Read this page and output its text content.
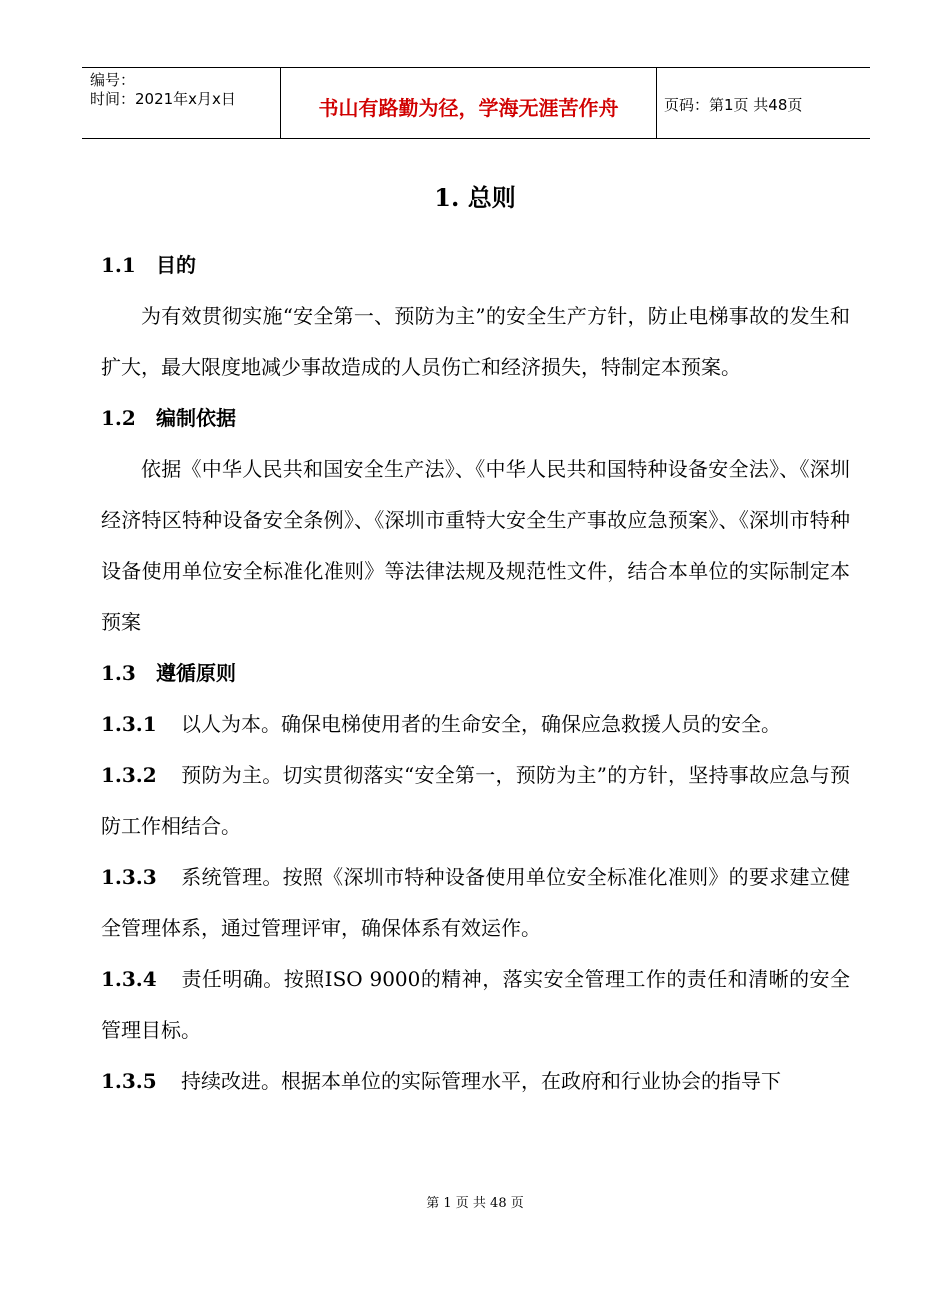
编号：
时间：2021年x月x日	书山有路勤为径，学海无涯苦作舟	页码：第1页 共48页
1. 总则
1.1 目的
为有效贯彻实施“安全第一、预防为主”的安全生产方针，防止电梯事故的发生和扩大，最大限度地减少事故造成的人员伤亡和经济损失，特制定本预案。
1.2 编制依据
依据《中华人民共和国安全生产法》、《中华人民共和国特种设备安全法》、《深圳经济特区特种设备安全条例》、《深圳市重特大安全生产事故应急预案》、《深圳市特种设备使用单位安全标准化准则》等法律法规及规范性文件，结合本单位的实际制定本预案
1.3 遵循原则
1.3.1 以人为本。确保电梯使用者的生命安全，确保应急救援人员的安全。
1.3.2 预防为主。切实贯彻落实“安全第一，预防为主”的方针，坚持事故应急与预防工作相结合。
1.3.3 系统管理。按照《深圳市特种设备使用单位安全标准化准则》的要求建立健全管理体系，通过管理评审，确保体系有效运作。
1.3.4 责任明确。按照ISO 9000的精神，落实安全管理工作的责任和清晰的安全管理目标。
1.3.5 持续改进。根据本单位的实际管理水平，在政府和行业协会的指导下
第 1 页 共 48 页
